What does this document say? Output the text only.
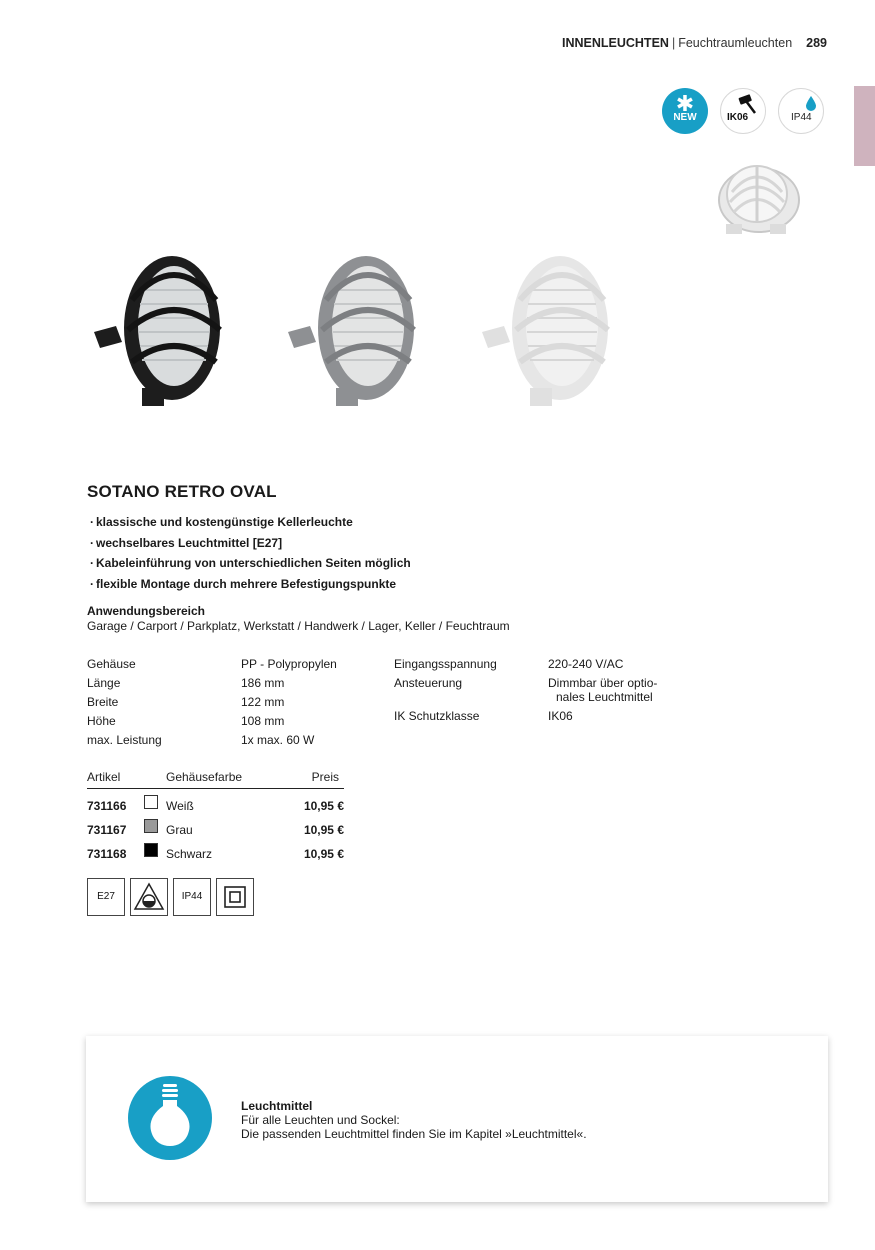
INNENLEUCHTEN | Feuchtraumleuchten 289
✱
NEW	IK06	IP44
SOTANO RETRO OVAL
· klassische und kostengünstige Kellerleuchte
· wechselbares Leuchtmittel [E27]
· Kabeleinführung von unterschiedlichen Seiten möglich
· flexible Montage durch mehrere Befestigungspunkte
Anwendungsbereich
Garage / Carport / Parkplatz, Werkstatt / Handwerk / Lager, Keller / Feuchtraum
Gehäuse	PP - Polypropylen
Länge	186 mm
Breite	122 mm
Höhe	108 mm
max. Leistung	1x max. 60 W
Eingangsspannung	220-240 V/AC
Ansteuerung	Dimmbar über optio-
nales Leuchtmittel
IK Schutzklasse	IK06
Artikel	Gehäusefarbe	Preis
731166	Weiß	10,95 €
731167	Grau	10,95 €
731168	Schwarz	10,95 €
E27	IP44
Leuchtmittel
Für alle Leuchten und Sockel:
Die passenden Leuchtmittel finden Sie im Kapitel »Leuchtmittel«.
